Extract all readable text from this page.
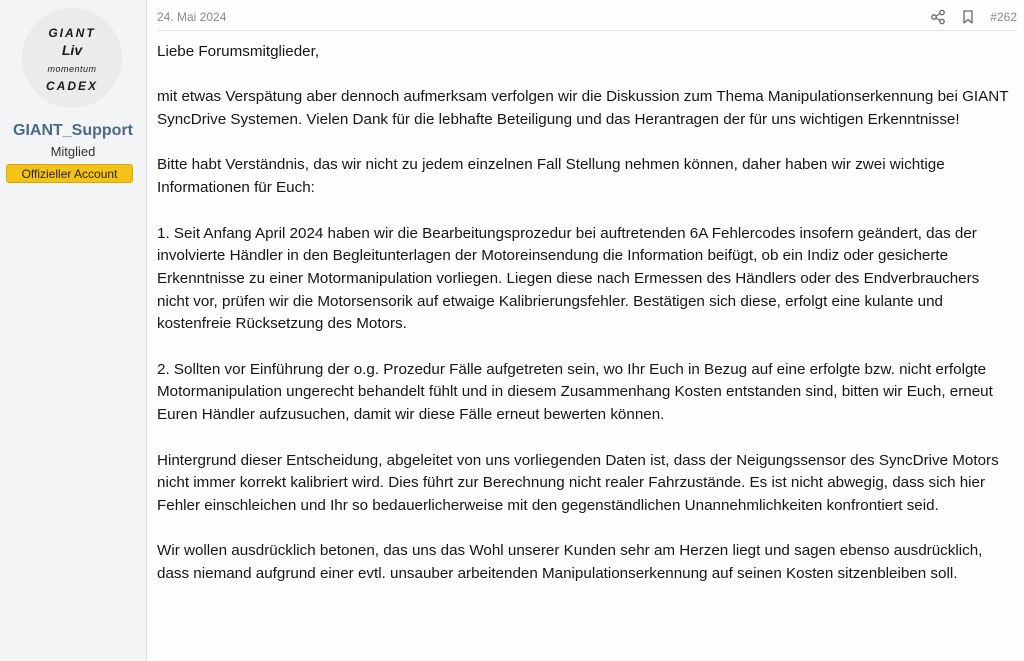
GIANT
Liv
momentum
CADEX
GIANT_Support
Mitglied
Offizieller Account
24. Mai 2024	#262

Liebe Forumsmitglieder,

mit etwas Verspätung aber dennoch aufmerksam verfolgen wir die Diskussion zum Thema Manipulationserkennung bei GIANT SyncDrive Systemen. Vielen Dank für die lebhafte Beteiligung und das Herantragen der für uns wichtigen Erkenntnisse!

Bitte habt Verständnis, das wir nicht zu jedem einzelnen Fall Stellung nehmen können, daher haben wir zwei wichtige Informationen für Euch:

1. Seit Anfang April 2024 haben wir die Bearbeitungsprozedur bei auftretenden 6A Fehlercodes insofern geändert, das der involvierte Händler in den Begleitunterlagen der Motoreinsendung die Information beifügt, ob ein Indiz oder gesicherte Erkenntnisse zu einer Motormanipulation vorliegen. Liegen diese nach Ermessen des Händlers oder des Endverbrauchers nicht vor, prüfen wir die Motorsensorik auf etwaige Kalibrierungsfehler. Bestätigen sich diese, erfolgt eine kulante und kostenfreie Rücksetzung des Motors.

2. Sollten vor Einführung der o.g. Prozedur Fälle aufgetreten sein, wo Ihr Euch in Bezug auf eine erfolgte bzw. nicht erfolgte Motormanipulation ungerecht behandelt fühlt und in diesem Zusammenhang Kosten entstanden sind, bitten wir Euch, erneut Euren Händler aufzusuchen, damit wir diese Fälle erneut bewerten können.

Hintergrund dieser Entscheidung, abgeleitet von uns vorliegenden Daten ist, dass der Neigungssensor des SyncDrive Motors nicht immer korrekt kalibriert wird. Dies führt zur Berechnung nicht realer Fahrzustände. Es ist nicht abwegig, dass sich hier Fehler einschleichen und Ihr so bedauerlicherweise mit den gegenständlichen Unannehmlichkeiten konfrontiert seid.

Wir wollen ausdrücklich betonen, das uns das Wohl unserer Kunden sehr am Herzen liegt und sagen ebenso ausdrücklich, dass niemand aufgrund einer evtl. unsauber arbeitenden Manipulationserkennung auf seinen Kosten sitzenbleiben soll.
